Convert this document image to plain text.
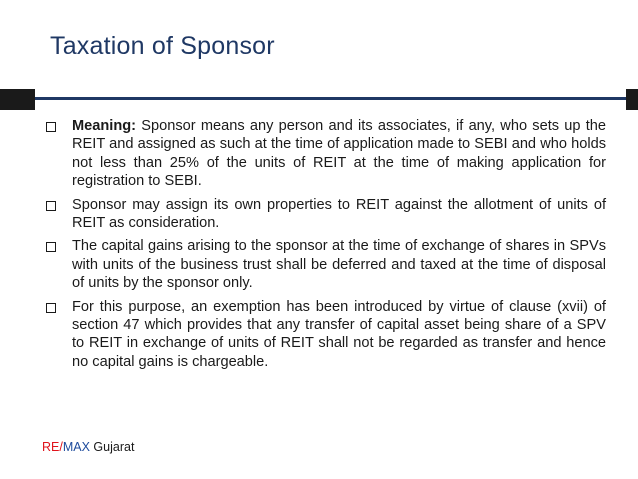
Taxation of Sponsor
Meaning: Sponsor means any person and its associates, if any, who sets up the REIT and assigned as such at the time of application made to SEBI and who holds not less than 25% of the units of REIT at the time of making application for registration to SEBI.
Sponsor may assign its own properties to REIT against the allotment of units of REIT as consideration.
The capital gains arising to the sponsor at the time of exchange of shares in SPVs with units of the business trust shall be deferred and taxed at the time of disposal of units by the sponsor only.
For this purpose, an exemption has been introduced by virtue of clause (xvii) of section 47 which provides that any transfer of capital asset being share of a SPV to REIT in exchange of units of REIT shall not be regarded as transfer and hence no capital gains is chargeable.
RE/MAX Gujarat
